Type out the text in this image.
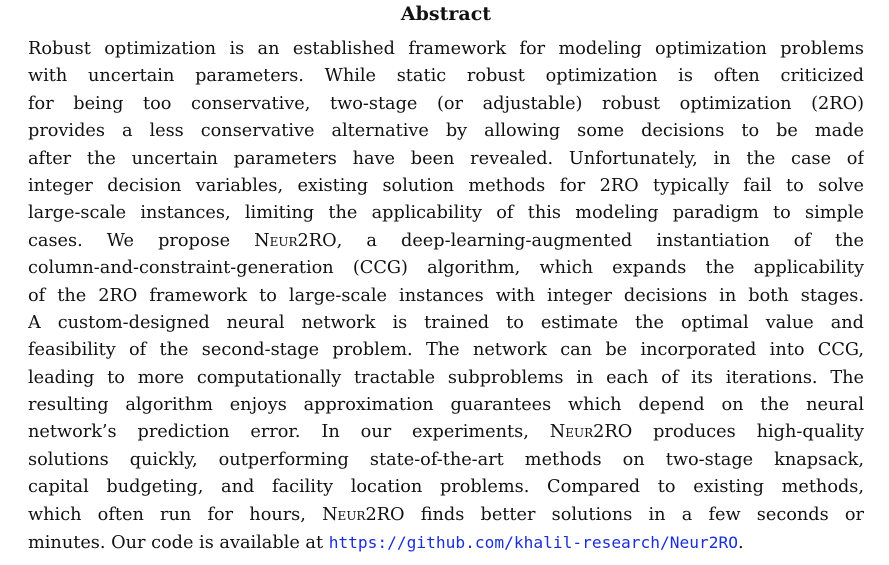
Abstract
Robust optimization is an established framework for modeling optimization problems
with uncertain parameters. While static robust optimization is often criticized
for being too conservative, two-stage (or adjustable) robust optimization (2RO)
provides a less conservative alternative by allowing some decisions to be made
after the uncertain parameters have been revealed. Unfortunately, in the case of
integer decision variables, existing solution methods for 2RO typically fail to solve
large-scale instances, limiting the applicability of this modeling paradigm to simple
cases. We propose Neur2RO, a deep-learning-augmented instantiation of the
column-and-constraint-generation (CCG) algorithm, which expands the applicability
of the 2RO framework to large-scale instances with integer decisions in both stages.
A custom-designed neural network is trained to estimate the optimal value and
feasibility of the second-stage problem. The network can be incorporated into CCG,
leading to more computationally tractable subproblems in each of its iterations. The
resulting algorithm enjoys approximation guarantees which depend on the neural
network’s prediction error. In our experiments, Neur2RO produces high-quality
solutions quickly, outperforming state-of-the-art methods on two-stage knapsack,
capital budgeting, and facility location problems. Compared to existing methods,
which often run for hours, Neur2RO finds better solutions in a few seconds or
minutes. Our code is available at https://github.com/khalil-research/Neur2RO.
